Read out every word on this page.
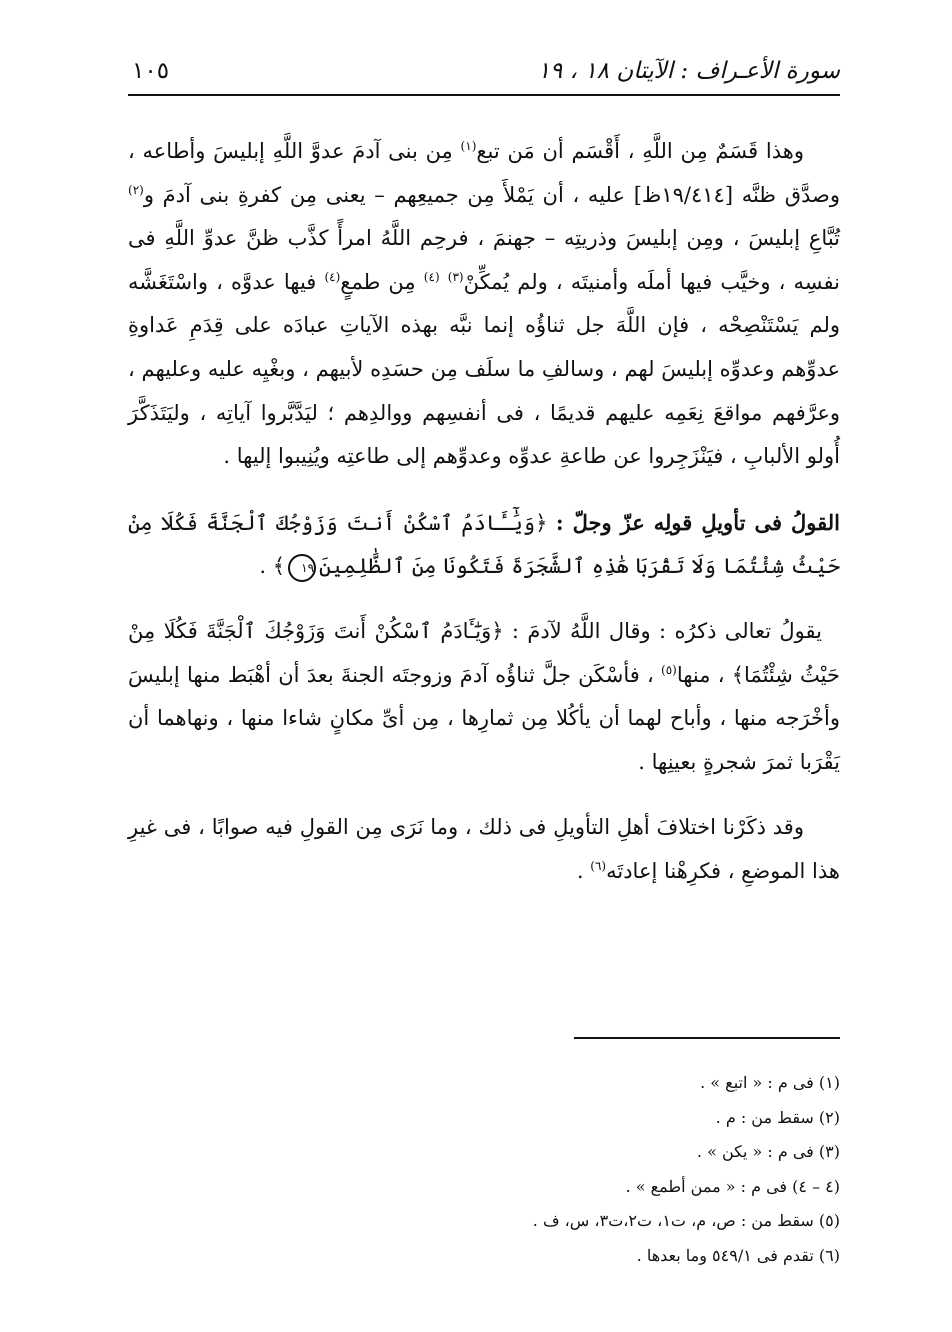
سورة الأعـراف : الآيتان ١٨ ، ١٩
١٠٥

وهذا قَسَمٌ مِن اللَّهِ ، أَقْسَم أن مَن تبع$^{(١)}$ مِن بنى آدمَ عدوَّ اللَّهِ إبليسَ وأطاعه ، وصدَّق ظنَّه [١٩/٤١٤ظ] عليه ، أن يَمْلأَ مِن جميعِهم – يعنى مِن كفرةِ بنى آدمَ و$^{(٢)}$ تُبَّاعِ إبليسَ ، ومِن إبليسَ وذريتِه – جهنمَ ، فرحِم اللَّهُ امرأً كذَّب ظنَّ عدوِّ اللَّهِ فى نفسِه ، وخيَّب فيها أملَه وأمنيتَه ، ولم يُمكِّنْ$^{(٣)}$ $^{(٤)}$ مِن طمعٍ$^{(٤)}$ فيها عدوَّه ، واسْتَغَشَّه ولم يَسْتَنْصِحْه ، فإن اللَّهَ جل ثناؤُه إنما نبَّه بهذه الآياتِ عبادَه على قِدَمِ عَداوةِ عدوِّهم وعدوِّه إبليسَ لهم ، وسالفِ ما سلَف مِن حسَدِه لأبيهم ، وبغْيِه عليه وعليهم ، وعرَّفهم مواقعَ نِعَمِه عليهم قديمًا ، فى أنفسِهم ووالدِهم ؛ ليَدَّبَّروا آياتِه ، وليَتَذَكَّرَ أُولو الألبابِ ، فيَنْزَجِروا عن طاعةِ عدوِّه وعدوِّهم إلى طاعتِه ويُنِيبوا إليها .

القولُ فى تأويلِ قولِه عزّ وجلّ : ﴿وَيَٰٓـَٔادَمُ ٱسْكُنْ أَنتَ وَزَوْجُكَ ٱلْجَنَّةَ فَكُلَا مِنْ حَيْثُ شِئْتُمَا وَلَا تَقْرَبَا هَٰذِهِ ٱلشَّجَرَةَ فَتَكُونَا مِنَ ٱلظَّٰلِمِينَ١٩﴾ .

يقولُ تعالى ذكرُه : وقال اللَّهُ لآدمَ : ﴿وَيَٰٓـَٔادَمُ ٱسْكُنْ أَنتَ وَزَوْجُكَ ٱلْجَنَّةَ فَكُلَا مِنْ حَيْثُ شِئْتُمَا﴾ ، منها$^{(٥)}$ ، فأسْكَن جلَّ ثناؤُه آدمَ وزوجتَه الجنةَ بعدَ أن أهْبَط منها إبليسَ وأخْرَجه منها ، وأباح لهما أن يأكُلا مِن ثمارِها ، مِن أىِّ مكانٍ شاءا منها ، ونهاهما أن يَقْرَبا ثمرَ شجرةٍ بعينِها .

وقد ذكَرْنا اختلافَ أهلِ التأويلِ فى ذلك ، وما نَرَى مِن القولِ فيه صوابًا ، فى غيرِ هذا الموضعِ ، فكرِهْنا إعادتَه$^{(٦)}$ .

(١) فى م : « اتبع » .
(٢) سقط من : م .
(٣) فى م : « يكن » .
(٤ – ٤) فى م : « ممن أطمع » .
(٥) سقط من : ص، م، ت١، ت٢،ت٣، س، ف .
(٦) تقدم فى ٥٤٩/١ وما بعدها .
